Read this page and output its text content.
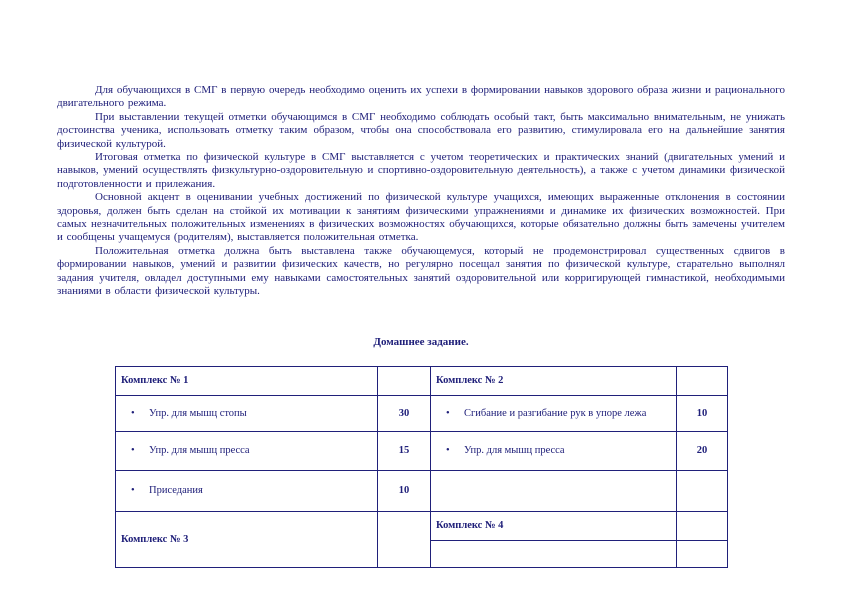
Для обучающихся в СМГ в первую очередь необходимо оценить их успехи в формировании навыков здорового образа жизни и рационального двигательного режима.

При выставлении текущей отметки обучающимся в СМГ необходимо соблюдать особый такт, быть максимально внимательным, не унижать достоинства ученика, использовать отметку таким образом, чтобы она способствовала его развитию, стимулировала его на дальнейшие занятия физической культурой.

Итоговая отметка по физической культуре в СМГ выставляется с учетом теоретических и практических знаний (двигательных умений и навыков, умений осуществлять физкультурно-оздоровительную и спортивно-оздоровительную деятельность), а также с учетом динамики физической подготовленности и прилежания.

Основной акцент в оценивании учебных достижений по физической культуре учащихся, имеющих выраженные отклонения в состоянии здоровья, должен быть сделан на стойкой их мотивации к занятиям физическими упражнениями и динамике их физических возможностей. При самых незначительных положительных изменениях в физических возможностях обучающихся, которые обязательно должны быть замечены учителем и сообщены учащемуся (родителям), выставляется положительная отметка.

Положительная отметка должна быть выставлена также обучающемуся, который не продемонстрировал существенных сдвигов в формировании навыков, умений и развитии физических качеств, но регулярно посещал занятия по физической культуре, старательно выполнял задания учителя, овладел доступными ему навыками самостоятельных занятий оздоровительной или корригирующей гимнастикой, необходимыми знаниями в области физической культуры.

Домашнее задание.
Комплекс № 1		Комплекс № 2	

• Упр. для мышц стопы	30	• Сгибание и разгибание рук в упоре лежа	10

• Упр. для мышц пресса	15	• Упр. для мышц пресса	20

• Приседания	10		
Комплекс № 3		Комплекс № 4	
